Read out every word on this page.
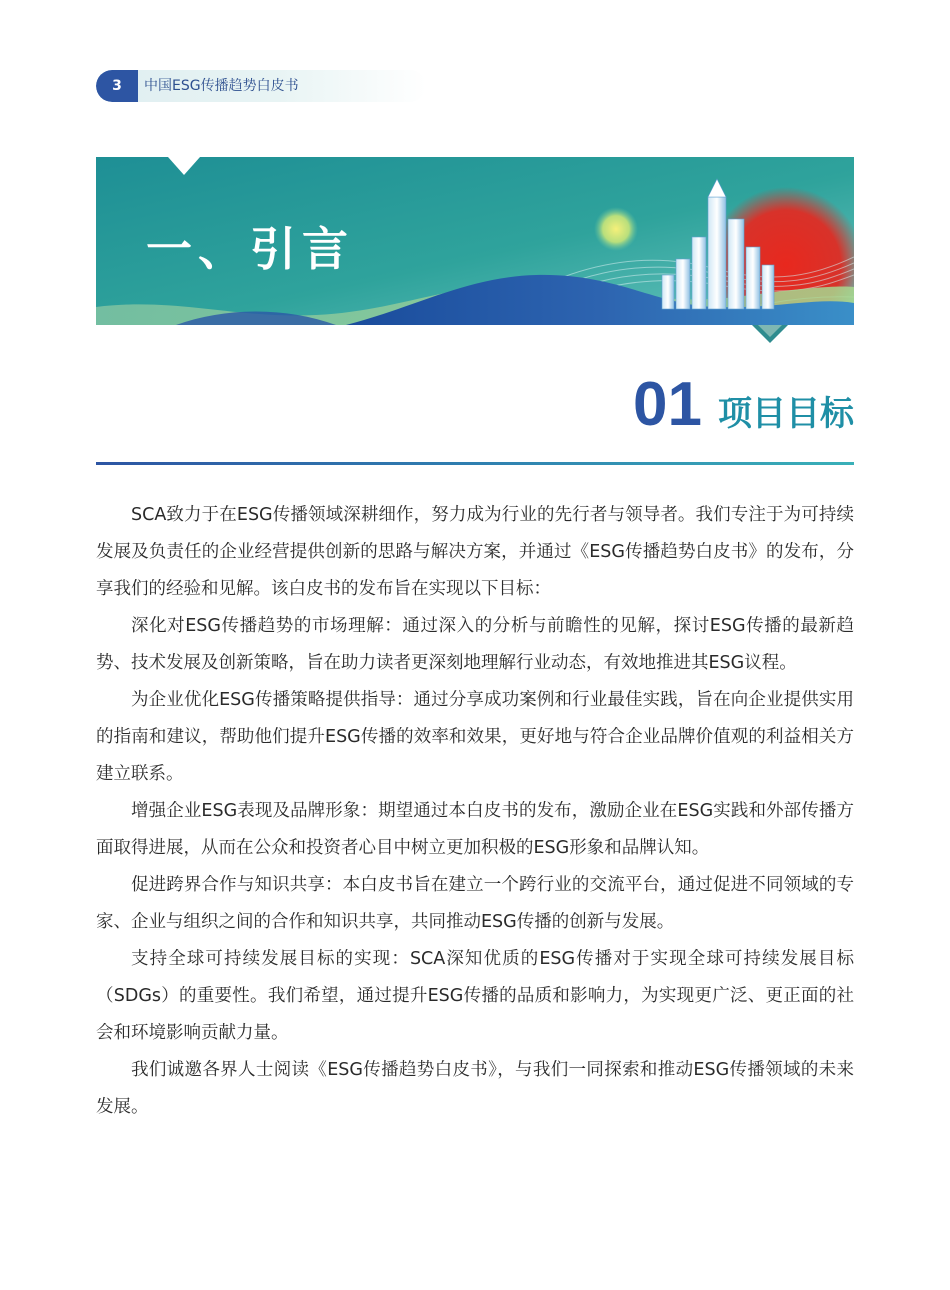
3	中国ESG传播趋势白皮书
一、引言
01 项目目标

SCA致力于在ESG传播领域深耕细作，努力成为行业的先行者与领导者。我们专注于为可持续发展及负责任的企业经营提供创新的思路与解决方案，并通过《ESG传播趋势白皮书》的发布，分享我们的经验和见解。该白皮书的发布旨在实现以下目标：

深化对ESG传播趋势的市场理解：通过深入的分析与前瞻性的见解，探讨ESG传播的最新趋势、技术发展及创新策略，旨在助力读者更深刻地理解行业动态，有效地推进其ESG议程。

为企业优化ESG传播策略提供指导：通过分享成功案例和行业最佳实践，旨在向企业提供实用的指南和建议，帮助他们提升ESG传播的效率和效果，更好地与符合企业品牌价值观的利益相关方建立联系。

增强企业ESG表现及品牌形象：期望通过本白皮书的发布，激励企业在ESG实践和外部传播方面取得进展，从而在公众和投资者心目中树立更加积极的ESG形象和品牌认知。

促进跨界合作与知识共享：本白皮书旨在建立一个跨行业的交流平台，通过促进不同领域的专家、企业与组织之间的合作和知识共享，共同推动ESG传播的创新与发展。

支持全球可持续发展目标的实现：SCA深知优质的ESG传播对于实现全球可持续发展目标（SDGs）的重要性。我们希望，通过提升ESG传播的品质和影响力，为实现更广泛、更正面的社会和环境影响贡献力量。

我们诚邀各界人士阅读《ESG传播趋势白皮书》，与我们一同探索和推动ESG传播领域的未来发展。
